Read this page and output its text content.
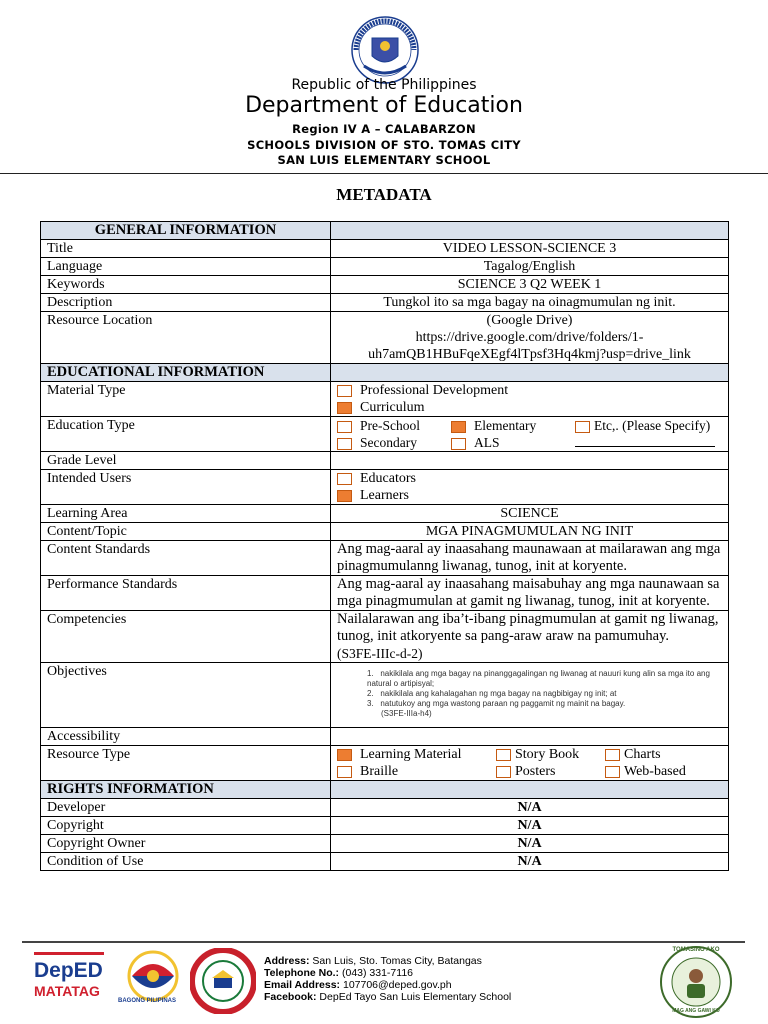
Republic of the Philippines
Department of Education
Region IV A – CALABARZON
SCHOOLS DIVISION OF STO. TOMAS CITY
SAN LUIS ELEMENTARY SCHOOL
METADATA
GENERAL INFORMATION	
Title	VIDEO LESSON-SCIENCE 3
Language	Tagalog/English
Keywords	SCIENCE 3 Q2 WEEK 1
Description	Tungkol ito sa mga bagay na oinagmumulan ng init.
Resource Location	(Google Drive)
https://drive.google.com/drive/folders/1-
uh7amQB1HBuFqeXEgf4lTpsf3Hq4kmj?usp=drive_link

EDUCATIONAL INFORMATION	
Material Type	Professional Development
Curriculum

Education Type	Pre-School Elementary Etc,. (Please Specify)
Secondary ALS

Grade Level	
Intended Users	Educators
Learners

Learning Area	SCIENCE
Content/Topic	MGA PINAGMUMULAN NG INIT
Content Standards	Ang mag-aaral ay inaasahang maunawaan at mailarawan ang mga pinagmumulanng liwanag, tunog, init at koryente.
Performance Standards	Ang mag-aaral ay inaasahang maisabuhay ang mga naunawaan sa mga pinagmumulan at gamit ng liwanag, tunog, init at koryente.
Competencies	Nailalarawan ang iba’t-ibang pinagmumulan at gamit ng liwanag, tunog, init atkoryente sa pang-araw araw na pamumuhay.
(S3FE-IIIc-d-2)

Objectives	1.   nakikilala ang mga bagay na pinanggagalingan ng liwanag at nauuri kung alin sa mga ito ang natural o artipisyal;
2.   nakikilala ang kahalagahan ng mga bagay na nagbibigay ng init; at
3.   natutukoy ang mga wastong paraan ng paggamit ng mainit na bagay.
(S3FE-IIIa-h4)

Accessibility	
Resource Type	Learning Material Story Book Charts
Braille Posters Web-based

RIGHTS INFORMATION	
Developer	N/A
Copyright	N/A
Copyright Owner	N/A
Condition of Use	N/A
DepED
MATATAG
BAGONG PILIPINAS
Address: San Luis, Sto. Tomas City, Batangas
Telephone No.: (043) 331-7116
Email Address: 107706@deped.gov.ph
Facebook: DepEd Tayo San Luis Elementary School
TOMASINO AKO
MAG ANG GAWI KO
